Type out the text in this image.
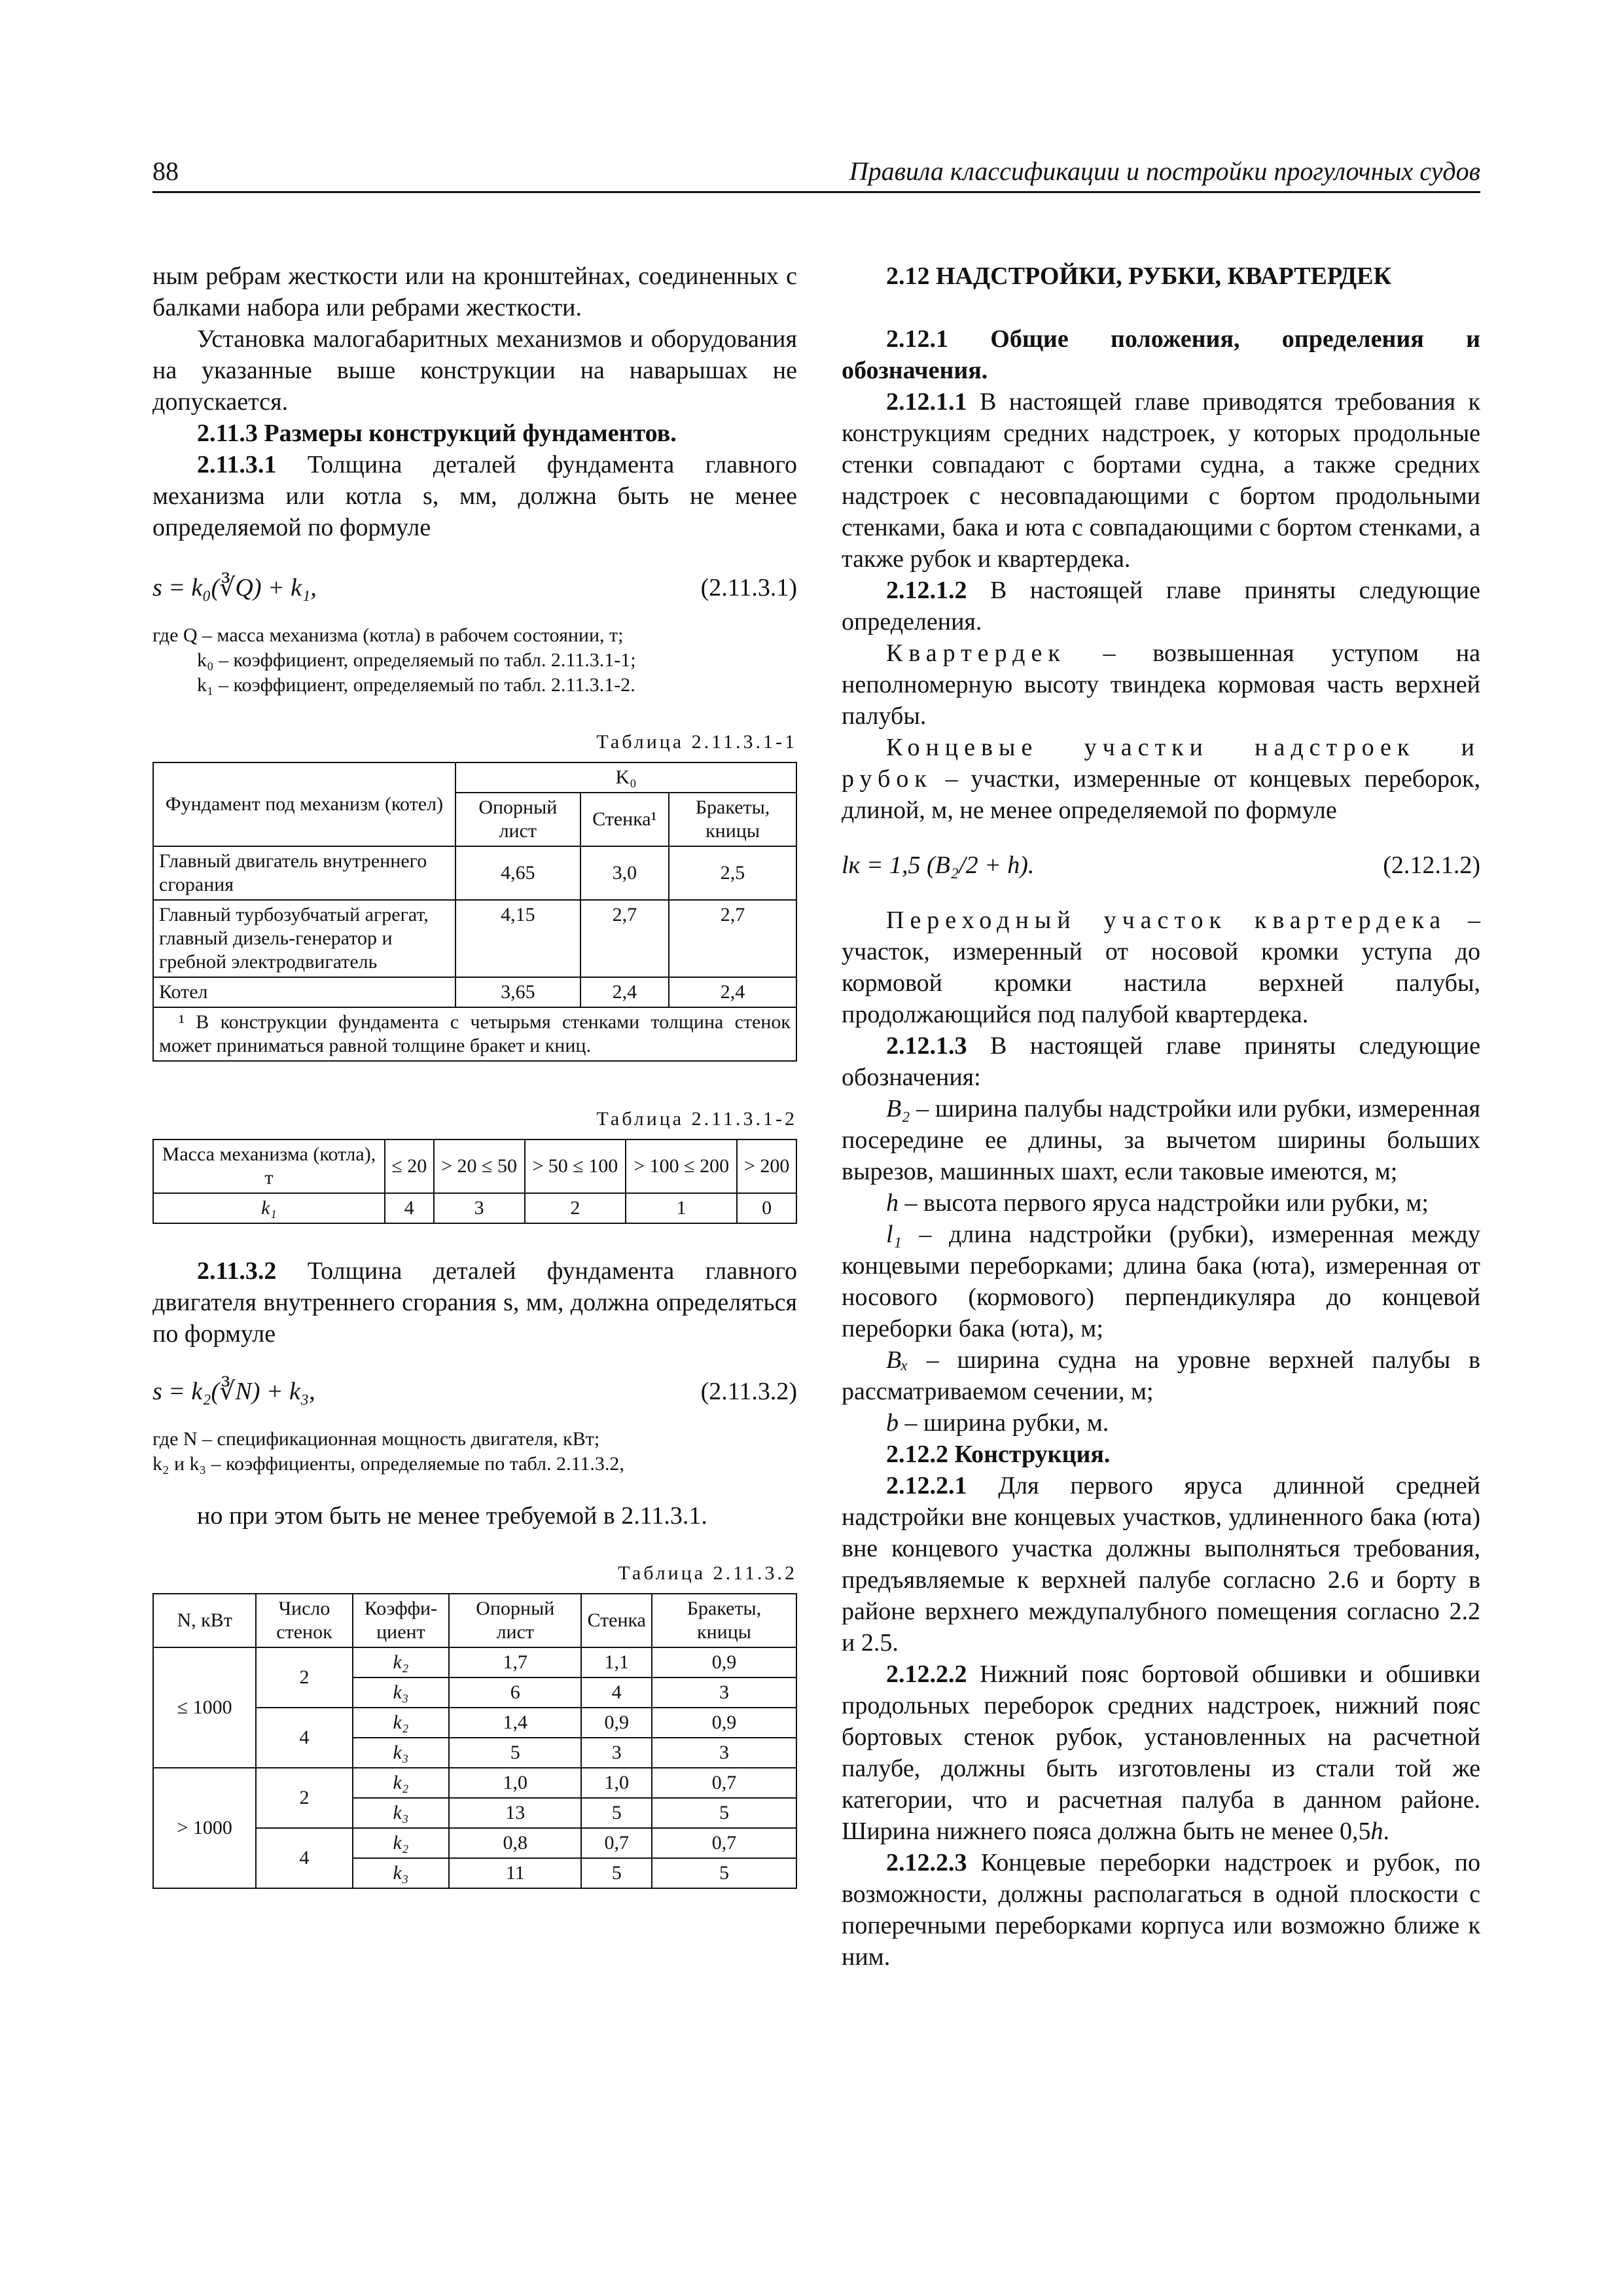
88	Правила классификации и постройки прогулочных судов

ным ребрам жесткости или на кронштейнах, соединенных с балками набора или ребрами жесткости.

Установка малогабаритных механизмов и оборудования на указанные выше конструкции на наварышах не допускается.

2.11.3 Размеры конструкций фундаментов.

2.11.3.1 Толщина деталей фундамента главного механизма или котла s, мм, должна быть не менее определяемой по формуле

s = k₀(∛Q) + k₁,	(2.11.3.1)
где Q – масса механизма (котла) в рабочем состоянии, т;
k₀ – коэффициент, определяемый по табл. 2.11.3.1-1;
k₁ – коэффициент, определяемый по табл. 2.11.3.1-2.

Таблица 2.11.3.1-1

Фундамент под механизм (котел)	K₀		
	Опорный лист	Стенка¹	Бракеты, кницы
Главный двигатель внутреннего сгорания	4,65	3,0	2,5
Главный турбозубчатый агрегат, главный дизель-генератор и гребной электродвигатель	4,15	2,7	2,7
Котел	3,65	2,4	2,4
¹ В конструкции фундамента с четырьмя стенками толщина стенок может приниматься равной толщине бракет и книц.			

Таблица 2.11.3.1-2

Масса механизма (котла), т	≤ 20	> 20 ≤ 50	> 50 ≤ 100	> 100 ≤ 200	> 200
k₁	4	3	2	1	0

2.11.3.2 Толщина деталей фундамента главного двигателя внутреннего сгорания s, мм, должна определяться по формуле

s = k₂(∛N) + k₃,	(2.11.3.2)
где N – спецификационная мощность двигателя, кВт;
k₂ и k₃ – коэффициенты, определяемые по табл. 2.11.3.2,

но при этом быть не менее требуемой в 2.11.3.1.

Таблица 2.11.3.2

N, кВт	Число стенок	Коэффи-циент	Опорный лист	Стенка	Бракеты, кницы
≤ 1000	2	k₂	1,7	1,1	0,9
		k₃	6	4	3
	4	k₂	1,4	0,9	0,9
		k₃	5	3	3
> 1000	2	k₂	1,0	1,0	0,7
		k₃	13	5	5
	4	k₂	0,8	0,7	0,7
		k₃	11	5	5

2.12 НАДСТРОЙКИ, РУБКИ, КВАРТЕРДЕК

2.12.1 Общие положения, определения и обозначения.

2.12.1.1 В настоящей главе приводятся требования к конструкциям средних надстроек, у которых продольные стенки совпадают с бортами судна, а также средних надстроек с несовпадающими с бортом продольными стенками, бака и юта с совпадающими с бортом стенками, а также рубок и квартердека.

2.12.1.2 В настоящей главе приняты следующие определения.

Квартердек – возвышенная уступом на неполномерную высоту твиндека кормовая часть верхней палубы.

Концевые участки надстроек и рубок – участки, измеренные от концевых переборок, длиной, м, не менее определяемой по формуле

lк = 1,5 (B₂/2 + h).	(2.12.1.2)

Переходный участок квартердека – участок, измеренный от носовой кромки уступа до кормовой кромки настила верхней палубы, продолжающийся под палубой квартердека.

2.12.1.3 В настоящей главе приняты следующие обозначения:

B₂ – ширина палубы надстройки или рубки, измеренная посередине ее длины, за вычетом ширины больших вырезов, машинных шахт, если таковые имеются, м;

h – высота первого яруса надстройки или рубки, м;

l₁ – длина надстройки (рубки), измеренная между концевыми переборками; длина бака (юта), измеренная от носового (кормового) перпендикуляра до концевой переборки бака (юта), м;

Bₓ – ширина судна на уровне верхней палубы в рассматриваемом сечении, м;

b – ширина рубки, м.

2.12.2 Конструкция.

2.12.2.1 Для первого яруса длинной средней надстройки вне концевых участков, удлиненного бака (юта) вне концевого участка должны выполняться требования, предъявляемые к верхней палубе согласно 2.6 и борту в районе верхнего междупалубного помещения согласно 2.2 и 2.5.

2.12.2.2 Нижний пояс бортовой обшивки и обшивки продольных переборок средних надстроек, нижний пояс бортовых стенок рубок, установленных на расчетной палубе, должны быть изготовлены из стали той же категории, что и расчетная палуба в данном районе. Ширина нижнего пояса должна быть не менее 0,5h.

2.12.2.3 Концевые переборки надстроек и рубок, по возможности, должны располагаться в одной плоскости с поперечными переборками корпуса или возможно ближе к ним.
